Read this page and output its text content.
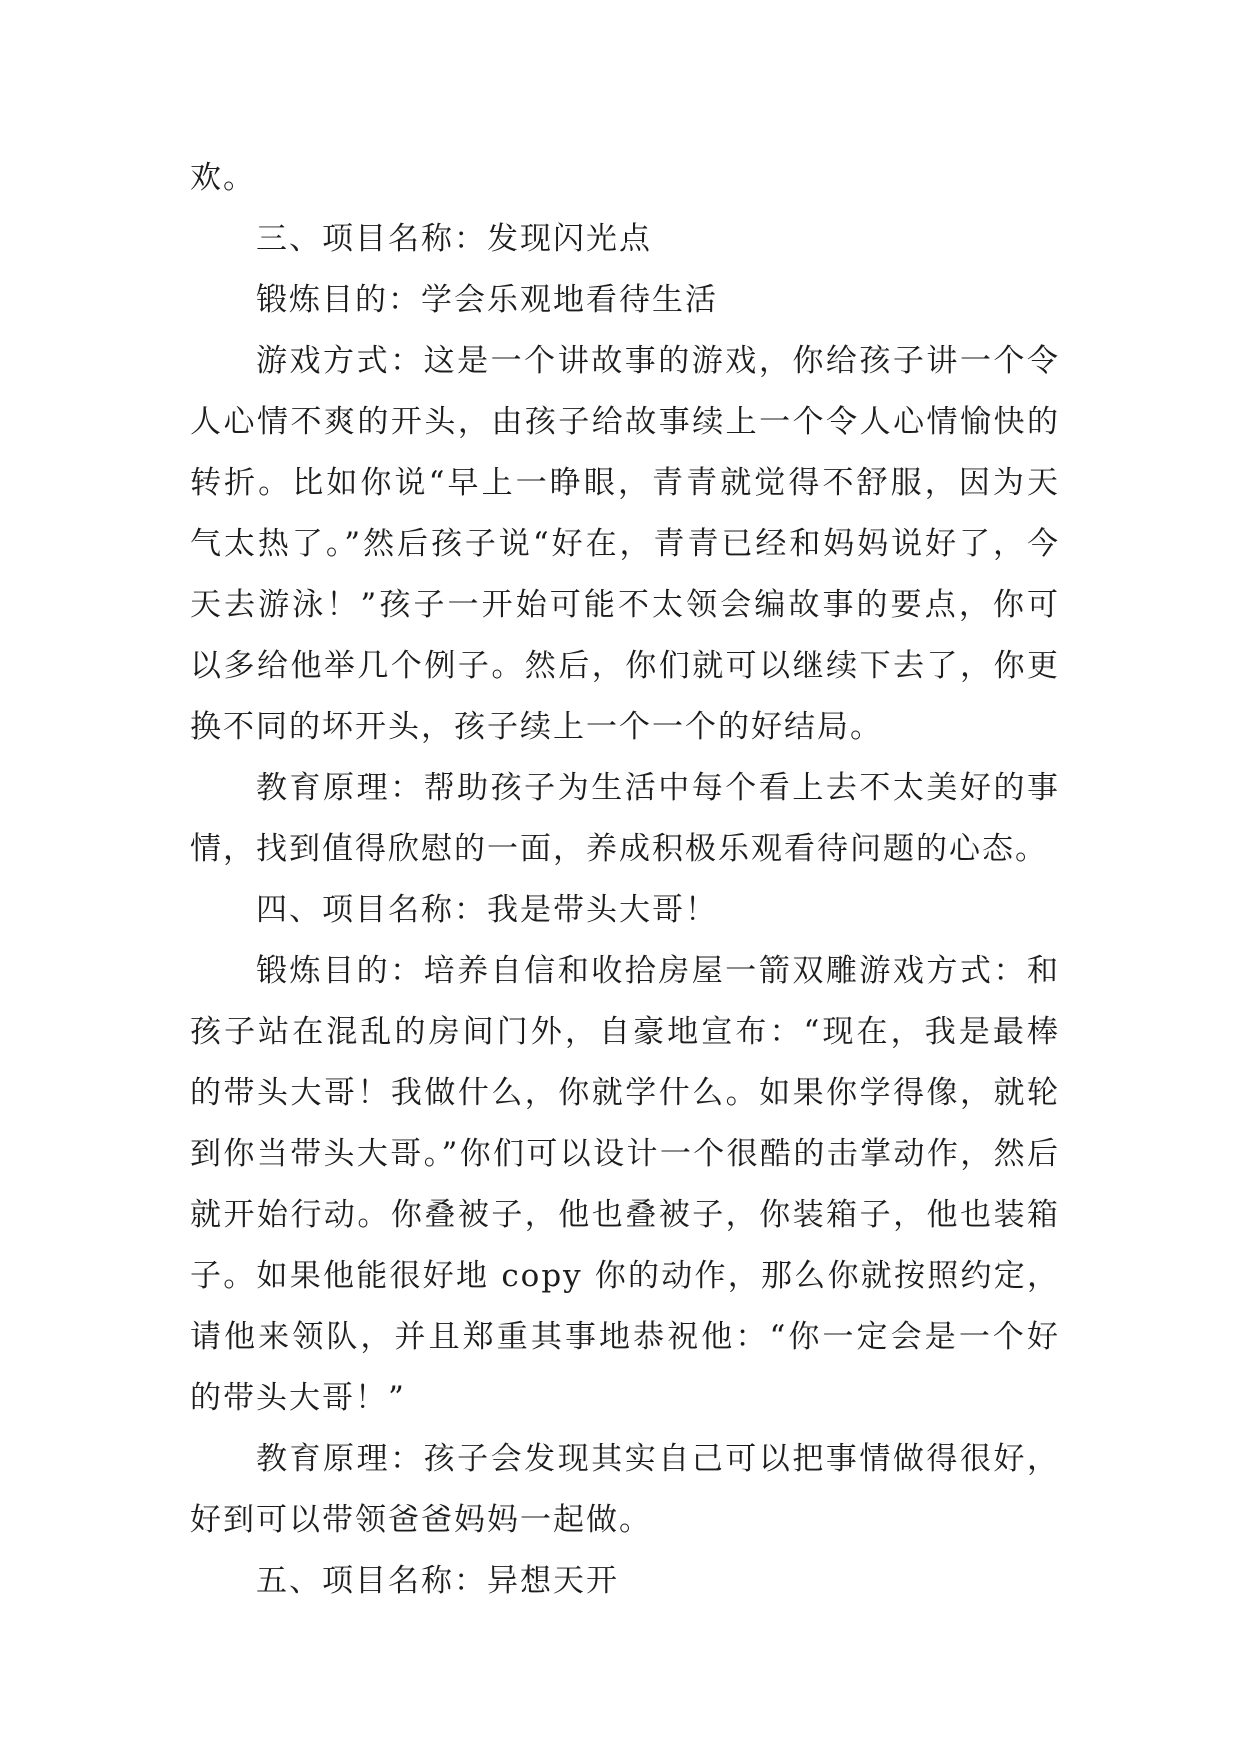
欢。

三、项目名称：发现闪光点

锻炼目的：学会乐观地看待生活

游戏方式：这是一个讲故事的游戏，你给孩子讲一个令人心情不爽的开头，由孩子给故事续上一个令人心情愉快的转折。比如你说“早上一睁眼，青青就觉得不舒服，因为天气太热了。”然后孩子说“好在，青青已经和妈妈说好了，今天去游泳！”孩子一开始可能不太领会编故事的要点，你可以多给他举几个例子。然后，你们就可以继续下去了，你更换不同的坏开头，孩子续上一个一个的好结局。

教育原理：帮助孩子为生活中每个看上去不太美好的事情，找到值得欣慰的一面，养成积极乐观看待问题的心态。

四、项目名称：我是带头大哥！

锻炼目的：培养自信和收拾房屋一箭双雕游戏方式：和孩子站在混乱的房间门外，自豪地宣布：“现在，我是最棒的带头大哥！我做什么，你就学什么。如果你学得像，就轮到你当带头大哥。”你们可以设计一个很酷的击掌动作，然后就开始行动。你叠被子，他也叠被子，你装箱子，他也装箱子。如果他能很好地 copy 你的动作，那么你就按照约定，请他来领队，并且郑重其事地恭祝他：“你一定会是一个好的带头大哥！”

教育原理：孩子会发现其实自己可以把事情做得很好，好到可以带领爸爸妈妈一起做。

五、项目名称：异想天开
